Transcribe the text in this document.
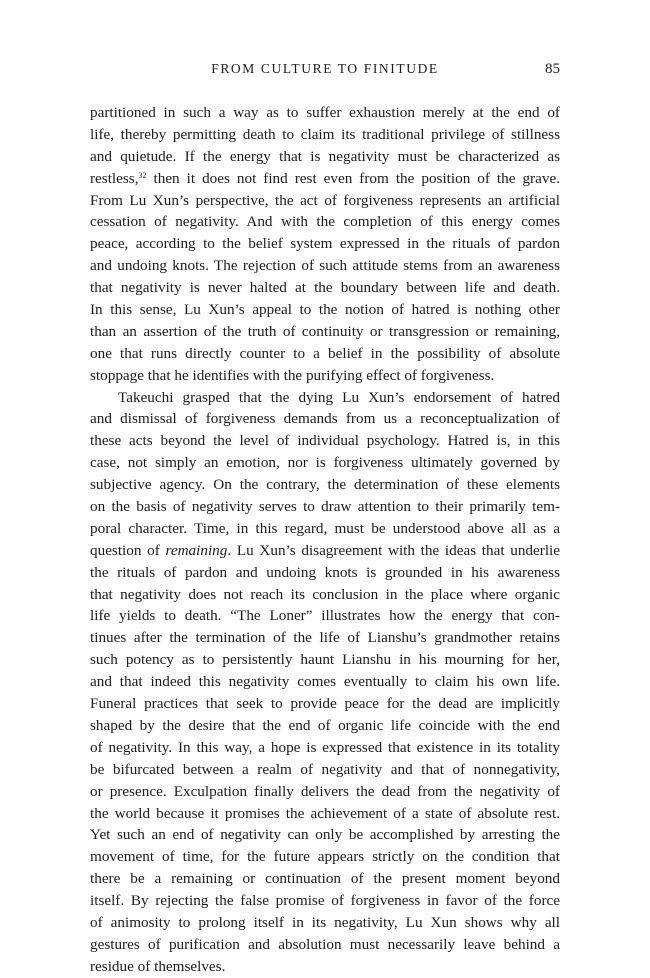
FROM CULTURE TO FINITUDE	85
partitioned in such a way as to suffer exhaustion merely at the end of
life, thereby permitting death to claim its traditional privilege of stillness
and quietude. If the energy that is negativity must be characterized as
restless,$^{32}$ then it does not find rest even from the position of the grave.
From Lu Xun’s perspective, the act of forgiveness represents an artificial
cessation of negativity. And with the completion of this energy comes
peace, according to the belief system expressed in the rituals of pardon
and undoing knots. The rejection of such attitude stems from an awareness
that negativity is never halted at the boundary between life and death.
In this sense, Lu Xun’s appeal to the notion of hatred is nothing other
than an assertion of the truth of continuity or transgression or remaining,
one that runs directly counter to a belief in the possibility of absolute
stoppage that he identifies with the purifying effect of forgiveness.
Takeuchi grasped that the dying Lu Xun’s endorsement of hatred
and dismissal of forgiveness demands from us a reconceptualization of
these acts beyond the level of individual psychology. Hatred is, in this
case, not simply an emotion, nor is forgiveness ultimately governed by
subjective agency. On the contrary, the determination of these elements
on the basis of negativity serves to draw attention to their primarily tem-
poral character. Time, in this regard, must be understood above all as a
question of remaining. Lu Xun’s disagreement with the ideas that underlie
the rituals of pardon and undoing knots is grounded in his awareness
that negativity does not reach its conclusion in the place where organic
life yields to death. “The Loner” illustrates how the energy that con-
tinues after the termination of the life of Lianshu’s grandmother retains
such potency as to persistently haunt Lianshu in his mourning for her,
and that indeed this negativity comes eventually to claim his own life.
Funeral practices that seek to provide peace for the dead are implicitly
shaped by the desire that the end of organic life coincide with the end
of negativity. In this way, a hope is expressed that existence in its totality
be bifurcated between a realm of negativity and that of nonnegativity,
or presence. Exculpation finally delivers the dead from the negativity of
the world because it promises the achievement of a state of absolute rest.
Yet such an end of negativity can only be accomplished by arresting the
movement of time, for the future appears strictly on the condition that
there be a remaining or continuation of the present moment beyond
itself. By rejecting the false promise of forgiveness in favor of the force
of animosity to prolong itself in its negativity, Lu Xun shows why all
gestures of purification and absolution must necessarily leave behind a
residue of themselves.
